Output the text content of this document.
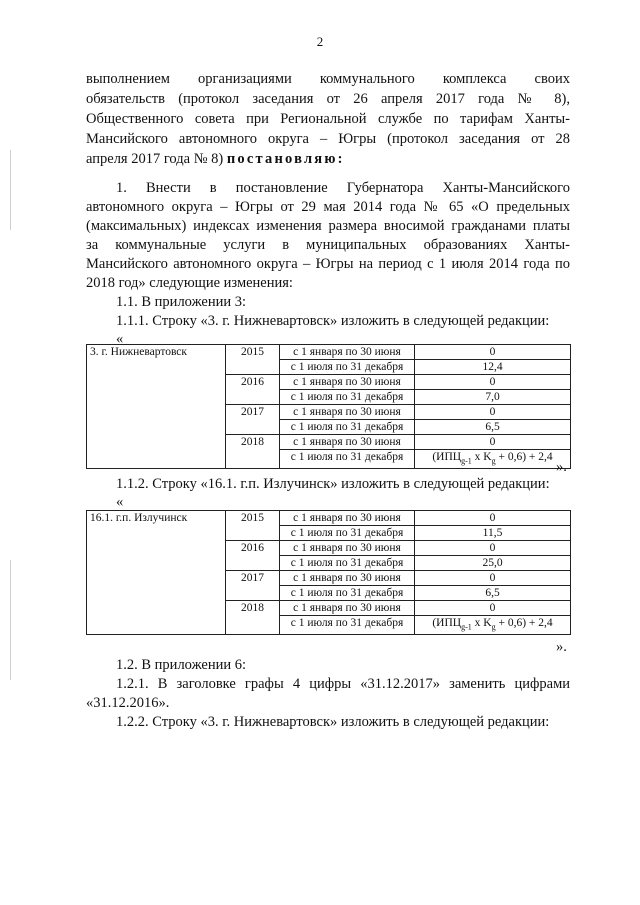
2
выполнением организациями коммунального комплекса своих
обязательств (протокол заседания от 26 апреля 2017 года № 8),
Общественного совета при Региональной службе по тарифам Ханты-
Мансийского автономного округа – Югры (протокол заседания от 28
апреля 2017 года № 8) постановляю:
1. Внести в постановление Губернатора Ханты-Мансийского
автономного округа – Югры от 29 мая 2014 года № 65 «О предельных
(максимальных) индексах изменения размера вносимой гражданами платы
за коммунальные услуги в муниципальных образованиях Ханты-
Мансийского автономного округа – Югры на период с 1 июля 2014 года по
2018 год» следующие изменения:
1.1. В приложении 3:
1.1.1. Строку «3. г. Нижневартовск» изложить в следующей редакции:
«
3. г. Нижневартовск	2015	с 1 января по 30 июня	0
		с 1 июля по 31 декабря	12,4
	2016	с 1 января по 30 июня	0
		с 1 июля по 31 декабря	7,0
	2017	с 1 января по 30 июня	0
		с 1 июля по 31 декабря	6,5
	2018	с 1 января по 30 июня	0
		с 1 июля по 31 декабря	($ИПЦ_{g-1}$ x $K_g + 0,6) + 2,4$
».
1.1.2. Строку «16.1. г.п. Излучинск» изложить в следующей редакции:
«
16.1. г.п. Излучинск	2015	с 1 января по 30 июня	0
		с 1 июля по 31 декабря	11,5
	2016	с 1 января по 30 июня	0
		с 1 июля по 31 декабря	25,0
	2017	с 1 января по 30 июня	0
		с 1 июля по 31 декабря	6,5
	2018	с 1 января по 30 июня	0
		с 1 июля по 31 декабря	($ИПЦ_{g-1}$ x $K_g + 0,6) + 2,4$
».
1.2. В приложении 6:
1.2.1. В заголовке графы 4 цифры «31.12.2017» заменить цифрами
«31.12.2016».
1.2.2. Строку «3. г. Нижневартовск» изложить в следующей редакции:
